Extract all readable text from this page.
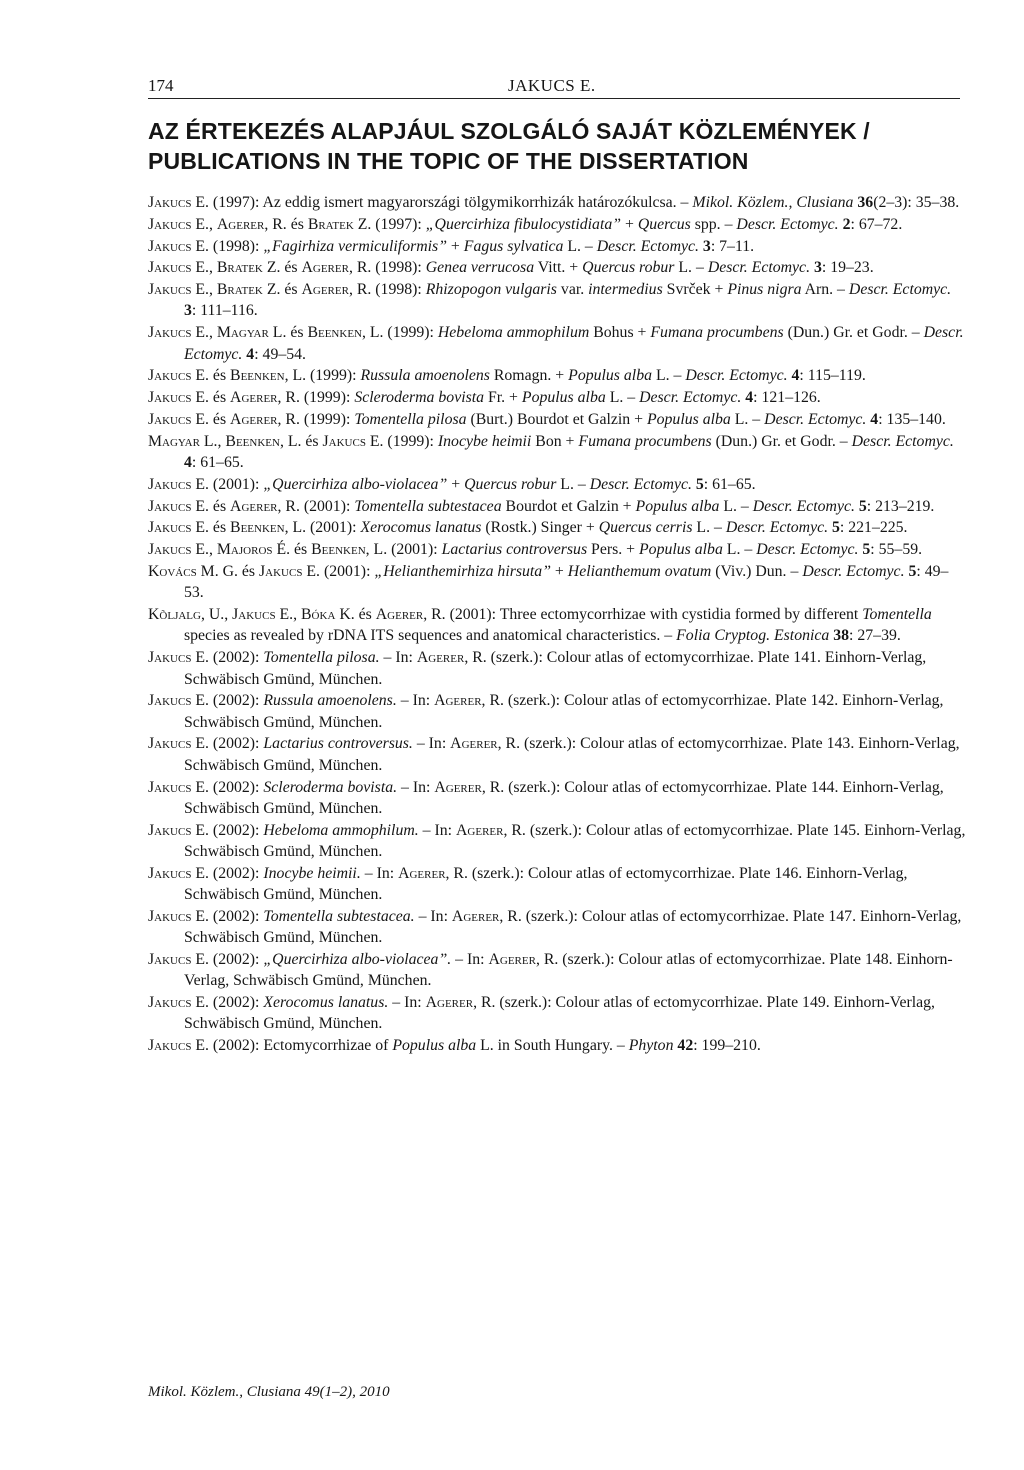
174	JAKUCS E.
AZ ÉRTEKEZÉS ALAPJÁUL SZOLGÁLÓ SAJÁT KÖZLEMÉNYEK /
PUBLICATIONS IN THE TOPIC OF THE DISSERTATION

Jakucs E. (1997): Az eddig ismert magyarországi tölgymikorrhizák határozókulcsa. – Mikol. Közlem., Clusiana 36(2–3): 35–38.

Jakucs E., Agerer, R. és Bratek Z. (1997): „Quercirhiza fibulocystidiata” + Quercus spp. – Descr. Ectomyc. 2: 67–72.

Jakucs E. (1998): „Fagirhiza vermiculiformis” + Fagus sylvatica L. – Descr. Ectomyc. 3: 7–11.

Jakucs E., Bratek Z. és Agerer, R. (1998): Genea verrucosa Vitt. + Quercus robur L. – Descr. Ectomyc. 3: 19–23.

Jakucs E., Bratek Z. és Agerer, R. (1998): Rhizopogon vulgaris var. intermedius Svrček + Pinus nigra Arn. – Descr. Ectomyc. 3: 111–116.

Jakucs E., Magyar L. és Beenken, L. (1999): Hebeloma ammophilum Bohus + Fumana procumbens (Dun.) Gr. et Godr. – Descr. Ectomyc. 4: 49–54.

Jakucs E. és Beenken, L. (1999): Russula amoenolens Romagn. + Populus alba L. – Descr. Ectomyc. 4: 115–119.

Jakucs E. és Agerer, R. (1999): Scleroderma bovista Fr. + Populus alba L. – Descr. Ectomyc. 4: 121–126.

Jakucs E. és Agerer, R. (1999): Tomentella pilosa (Burt.) Bourdot et Galzin + Populus alba L. – Descr. Ectomyc. 4: 135–140.

Magyar L., Beenken, L. és Jakucs E. (1999): Inocybe heimii Bon + Fumana procumbens (Dun.) Gr. et Godr. – Descr. Ectomyc. 4: 61–65.

Jakucs E. (2001): „Quercirhiza albo-violacea” + Quercus robur L. – Descr. Ectomyc. 5: 61–65.

Jakucs E. és Agerer, R. (2001): Tomentella subtestacea Bourdot et Galzin + Populus alba L. – Descr. Ectomyc. 5: 213–219.

Jakucs E. és Beenken, L. (2001): Xerocomus lanatus (Rostk.) Singer + Quercus cerris L. – Descr. Ectomyc. 5: 221–225.

Jakucs E., Majoros É. és Beenken, L. (2001): Lactarius controversus Pers. + Populus alba L. – Descr. Ectomyc. 5: 55–59.

Kovács M. G. és Jakucs E. (2001): „Helianthemirhiza hirsuta” + Helianthemum ovatum (Viv.) Dun. – Descr. Ectomyc. 5: 49–53.

Kõljalg, U., Jakucs E., Bóka K. és Agerer, R. (2001): Three ectomycorrhizae with cystidia formed by different Tomentella species as revealed by rDNA ITS sequences and anatomical characteristics. – Folia Cryptog. Estonica 38: 27–39.

Jakucs E. (2002): Tomentella pilosa. – In: Agerer, R. (szerk.): Colour atlas of ectomycorrhizae. Plate 141. Einhorn-Verlag, Schwäbisch Gmünd, München.

Jakucs E. (2002): Russula amoenolens. – In: Agerer, R. (szerk.): Colour atlas of ectomycorrhizae. Plate 142. Einhorn-Verlag, Schwäbisch Gmünd, München.

Jakucs E. (2002): Lactarius controversus. – In: Agerer, R. (szerk.): Colour atlas of ectomycorrhizae. Plate 143. Einhorn-Verlag, Schwäbisch Gmünd, München.

Jakucs E. (2002): Scleroderma bovista. – In: Agerer, R. (szerk.): Colour atlas of ectomycorrhizae. Plate 144. Einhorn-Verlag, Schwäbisch Gmünd, München.

Jakucs E. (2002): Hebeloma ammophilum. – In: Agerer, R. (szerk.): Colour atlas of ectomycorrhizae. Plate 145. Einhorn-Verlag, Schwäbisch Gmünd, München.

Jakucs E. (2002): Inocybe heimii. – In: Agerer, R. (szerk.): Colour atlas of ectomycorrhizae. Plate 146. Einhorn-Verlag, Schwäbisch Gmünd, München.

Jakucs E. (2002): Tomentella subtestacea. – In: Agerer, R. (szerk.): Colour atlas of ectomycorrhizae. Plate 147. Einhorn-Verlag, Schwäbisch Gmünd, München.

Jakucs E. (2002): „Quercirhiza albo-violacea”. – In: Agerer, R. (szerk.): Colour atlas of ectomycorrhizae. Plate 148. Einhorn-Verlag, Schwäbisch Gmünd, München.

Jakucs E. (2002): Xerocomus lanatus. – In: Agerer, R. (szerk.): Colour atlas of ectomycorrhizae. Plate 149. Einhorn-Verlag, Schwäbisch Gmünd, München.

Jakucs E. (2002): Ectomycorrhizae of Populus alba L. in South Hungary. – Phyton 42: 199–210.

Mikol. Közlem., Clusiana 49(1–2), 2010
